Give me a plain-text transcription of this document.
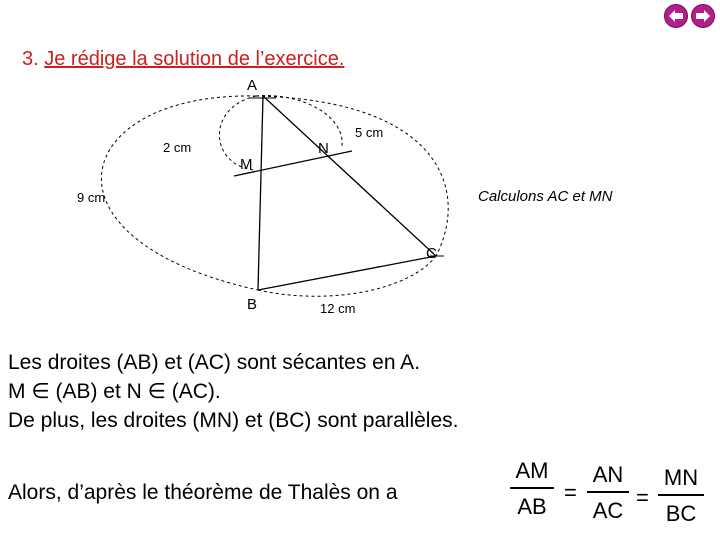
3. Je rédige la solution de l’exercice.
A
B
C
M
N
2 cm
5 cm
9 cm
12 cm
Calculons AC et MN
Les droites (AB) et (AC) sont sécantes en A.
M ∈ (AB) et N ∈ (AC).
De plus, les droites (MN) et (BC) sont parallèles.
Alors, d’après le théorème de Thalès on a
AM
AB
=
AN
AC
=
MN
BC
